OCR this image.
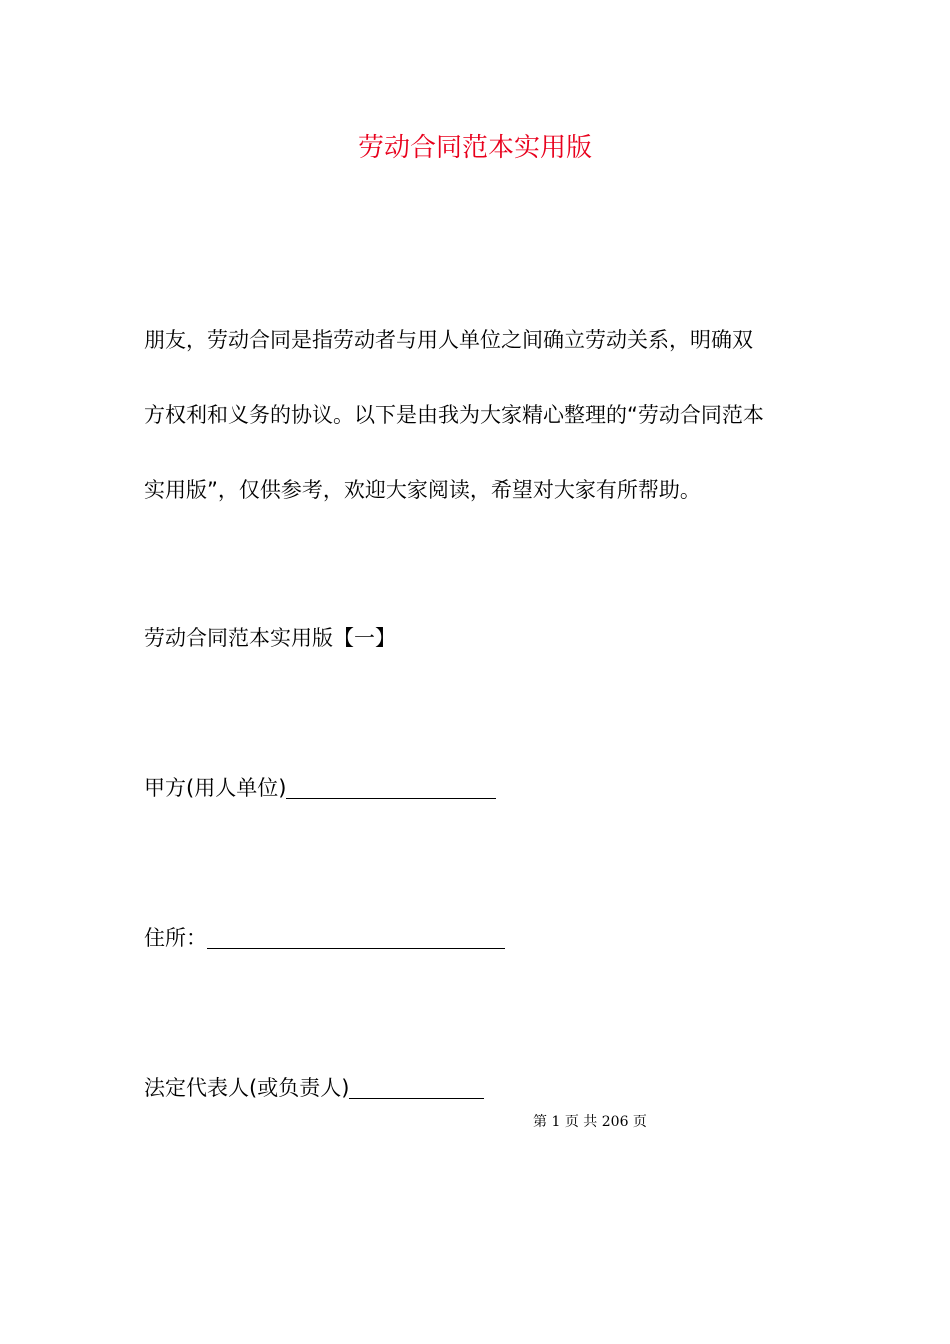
劳动合同范本实用版

朋友，劳动合同是指劳动者与用人单位之间确立劳动关系，明确双

方权利和义务的协议。以下是由我为大家精心整理的“劳动合同范本

实用版”，仅供参考，欢迎大家阅读，希望对大家有所帮助。

劳动合同范本实用版【一】

甲方(用人单位)

住所：

法定代表人(或负责人)

第 1 页 共 206 页
